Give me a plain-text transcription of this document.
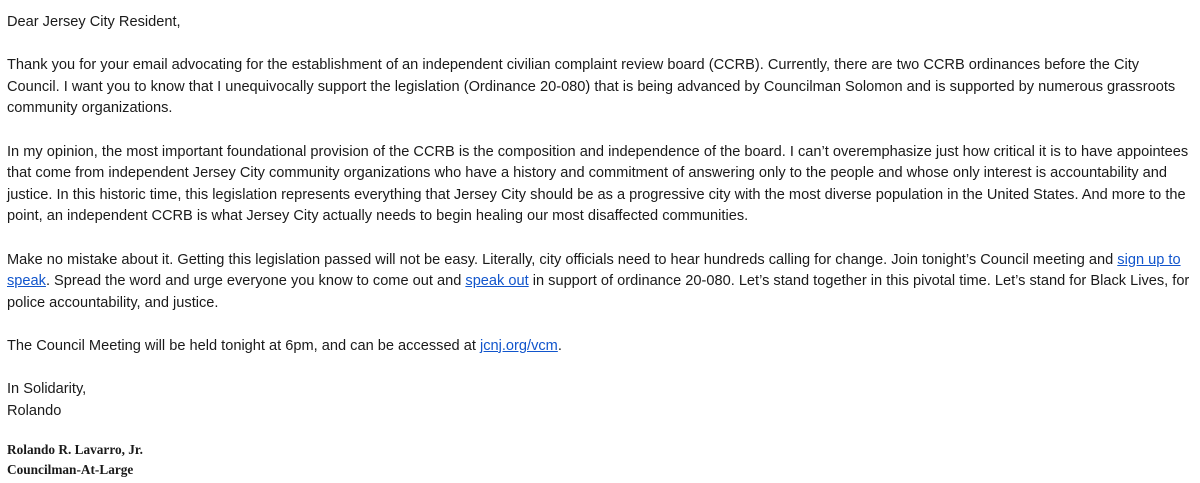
Dear Jersey City Resident,

Thank you for your email advocating for the establishment of an independent civilian complaint review board (CCRB). Currently, there are two CCRB ordinances before the City Council. I want you to know that I unequivocally support the legislation (Ordinance 20-080) that is being advanced by Councilman Solomon and is supported by numerous grassroots community organizations.

In my opinion, the most important foundational provision of the CCRB is the composition and independence of the board. I can’t overemphasize just how critical it is to have appointees that come from independent Jersey City community organizations who have a history and commitment of answering only to the people and whose only interest is accountability and justice. In this historic time, this legislation represents everything that Jersey City should be as a progressive city with the most diverse population in the United States. And more to the point, an independent CCRB is what Jersey City actually needs to begin healing our most disaffected communities.

Make no mistake about it. Getting this legislation passed will not be easy. Literally, city officials need to hear hundreds calling for change. Join tonight’s Council meeting and sign up to speak. Spread the word and urge everyone you know to come out and speak out in support of ordinance 20-080. Let’s stand together in this pivotal time. Let’s stand for Black Lives, for police accountability, and justice.

The Council Meeting will be held tonight at 6pm, and can be accessed at jcnj.org/vcm.

In Solidarity,

Rolando

Rolando R. Lavarro, Jr.
Councilman-At-Large
